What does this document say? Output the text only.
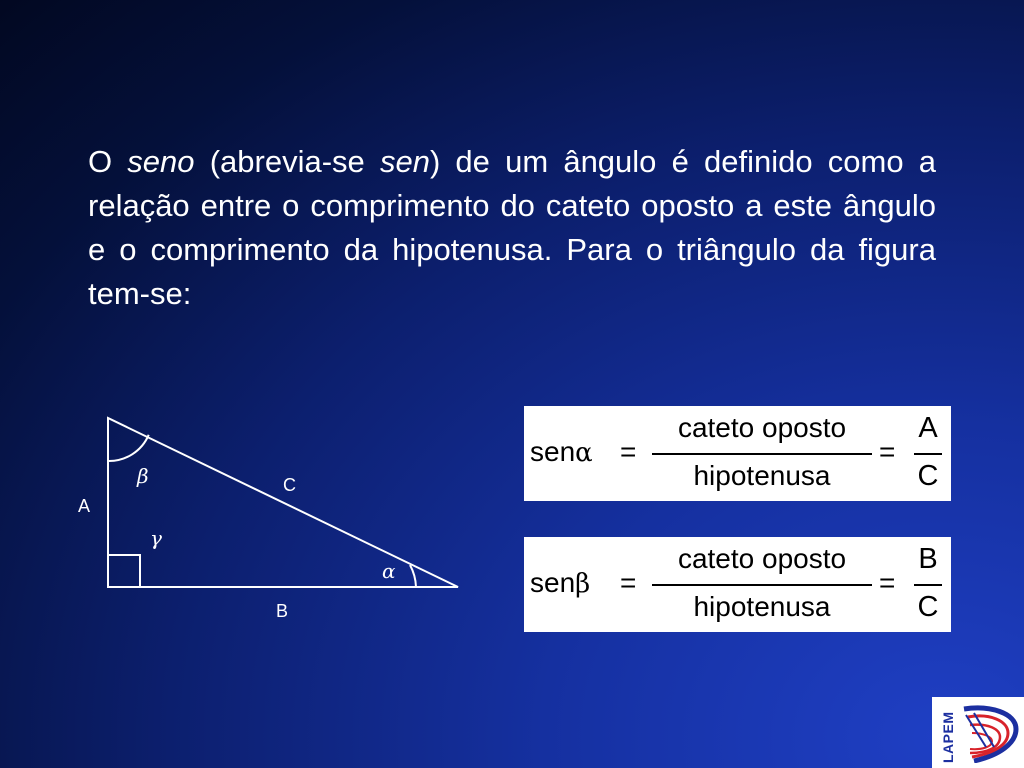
O seno (abrevia-se sen) de um ângulo é definido como a relação entre o comprimento do cateto oposto a este ângulo e o comprimento da hipotenusa. Para o triângulo da figura tem-se:
A
B
C
β
γ
α
senα =
cateto oposto
hipotenusa
=
A
C
senβ =
cateto oposto
hipotenusa
=
B
C
LAPEM
